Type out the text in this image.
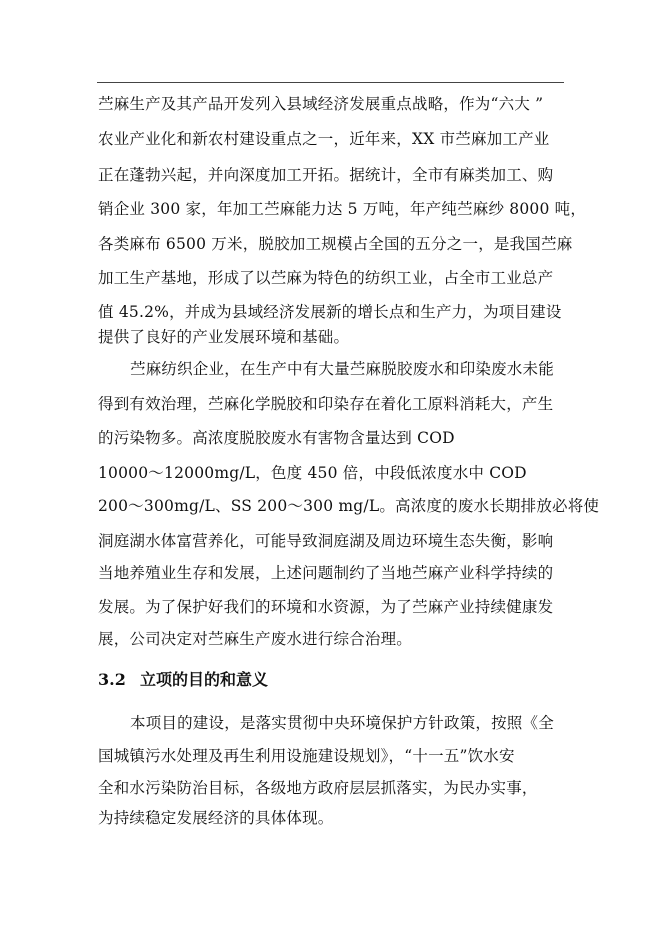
苎麻生产及其产品开发列入县域经济发展重点战略，作为“六大 ”
农业产业化和新农村建设重点之一，近年来，XX 市苎麻加工产业
正在蓬勃兴起，并向深度加工开拓。据统计，全市有麻类加工、购
销企业 300 家，年加工苎麻能力达 5 万吨，年产纯苎麻纱 8000 吨，
各类麻布 6500 万米，脱胶加工规模占全国的五分之一，是我国苎麻
加工生产基地，形成了以苎麻为特色的纺织工业，占全市工业总产
值 45.2%，并成为县域经济发展新的增长点和生产力，为项目建设
提供了良好的产业发展环境和基础。
苎麻纺织企业，在生产中有大量苎麻脱胶废水和印染废水未能
得到有效治理，苎麻化学脱胶和印染存在着化工原料消耗大，产生
的污染物多。高浓度脱胶废水有害物含量达到 COD
10000～12000mg/L，色度 450 倍，中段低浓度水中 COD
200～300mg/L、SS 200～300 mg/L。高浓度的废水长期排放必将使
洞庭湖水体富营养化，可能导致洞庭湖及周边环境生态失衡，影响
当地养殖业生存和发展，上述问题制约了当地苎麻产业科学持续的
发展。为了保护好我们的环境和水资源，为了苎麻产业持续健康发
展，公司决定对苎麻生产废水进行综合治理。
3.2 立项的目的和意义
本项目的建设，是落实贯彻中央环境保护方针政策，按照《全
国城镇污水处理及再生利用设施建设规划》，“十一五”饮水安
全和水污染防治目标，各级地方政府层层抓落实，为民办实事，
为持续稳定发展经济的具体体现。
